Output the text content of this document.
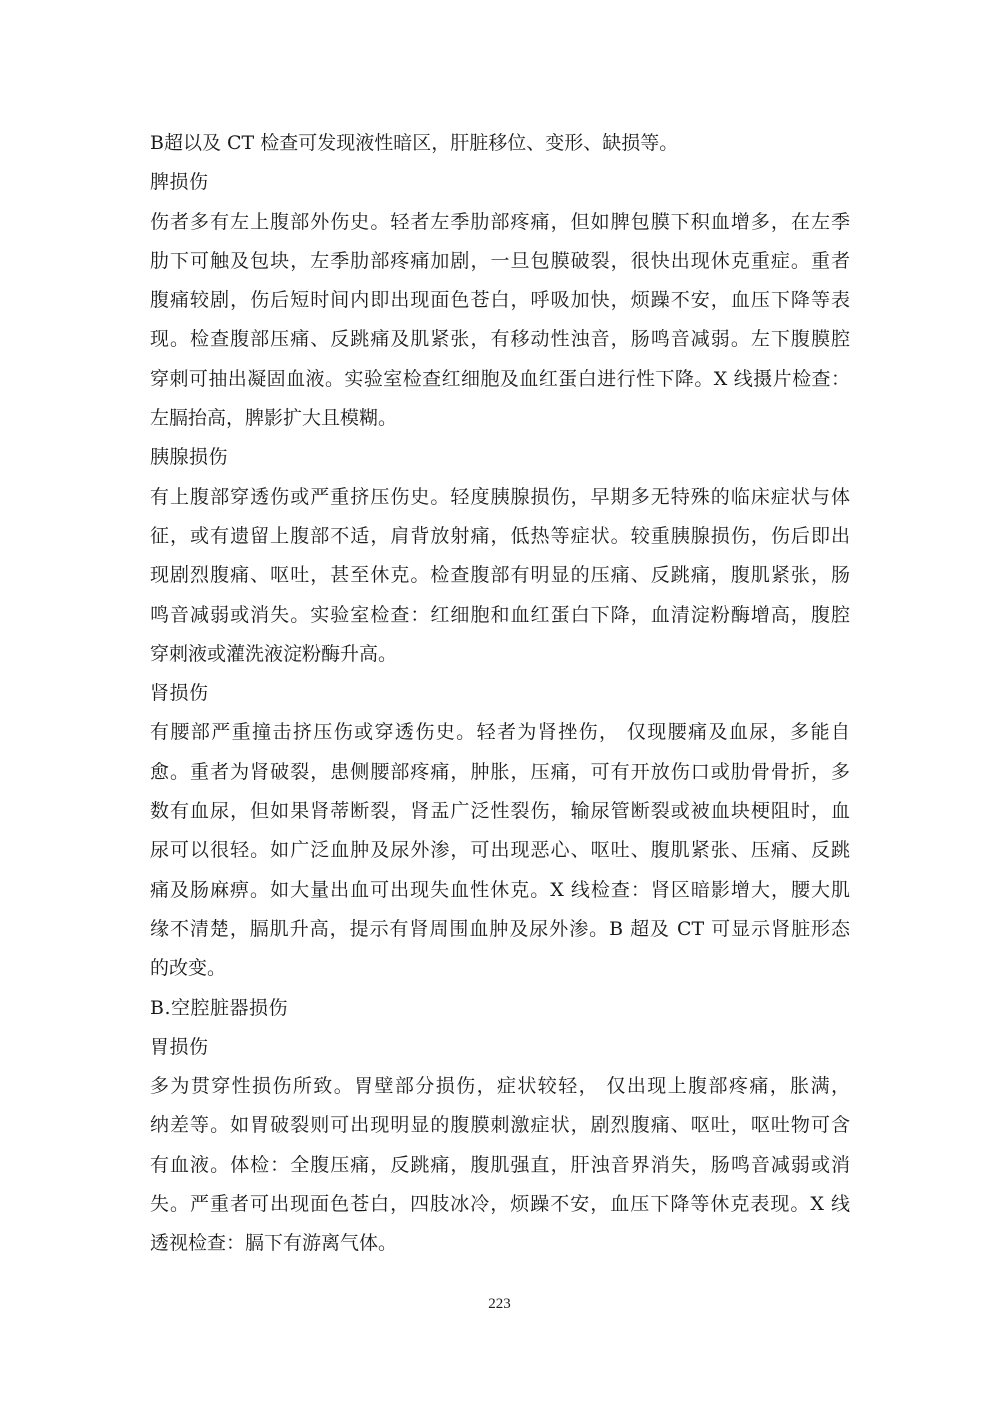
B超以及 CT 检查可发现液性暗区，肝脏移位、变形、缺损等。
脾损伤
伤者多有左上腹部外伤史。轻者左季肋部疼痛，但如脾包膜下积血增多，在左季
肋下可触及包块，左季肋部疼痛加剧，一旦包膜破裂，很快出现休克重症。重者
腹痛较剧，伤后短时间内即出现面色苍白，呼吸加快，烦躁不安，血压下降等表
现。检查腹部压痛、反跳痛及肌紧张，有移动性浊音，肠鸣音减弱。左下腹膜腔
穿刺可抽出凝固血液。实验室检查红细胞及血红蛋白进行性下降。X 线摄片检查：
左膈抬高，脾影扩大且模糊。
胰腺损伤
有上腹部穿透伤或严重挤压伤史。轻度胰腺损伤，早期多无特殊的临床症状与体
征，或有遗留上腹部不适，肩背放射痛，低热等症状。较重胰腺损伤，伤后即出
现剧烈腹痛、呕吐，甚至休克。检查腹部有明显的压痛、反跳痛，腹肌紧张，肠
鸣音减弱或消失。实验室检查：红细胞和血红蛋白下降，血清淀粉酶增高，腹腔
穿刺液或灌洗液淀粉酶升高。
肾损伤
有腰部严重撞击挤压伤或穿透伤史。轻者为肾挫伤， 仅现腰痛及血尿，多能自
愈。重者为肾破裂，患侧腰部疼痛，肿胀，压痛，可有开放伤口或肋骨骨折，多
数有血尿，但如果肾蒂断裂，肾盂广泛性裂伤，输尿管断裂或被血块梗阻时，血
尿可以很轻。如广泛血肿及尿外渗，可出现恶心、呕吐、腹肌紧张、压痛、反跳
痛及肠麻痹。如大量出血可出现失血性休克。X 线检查：肾区暗影增大，腰大肌
缘不清楚，膈肌升高，提示有肾周围血肿及尿外渗。B 超及 CT 可显示肾脏形态
的改变。
B.空腔脏器损伤
胃损伤
多为贯穿性损伤所致。胃壁部分损伤，症状较轻， 仅出现上腹部疼痛，胀满，
纳差等。如胃破裂则可出现明显的腹膜刺激症状，剧烈腹痛、呕吐，呕吐物可含
有血液。体检：全腹压痛，反跳痛，腹肌强直，肝浊音界消失，肠鸣音减弱或消
失。严重者可出现面色苍白，四肢冰冷，烦躁不安，血压下降等休克表现。X 线
透视检查：膈下有游离气体。
223
